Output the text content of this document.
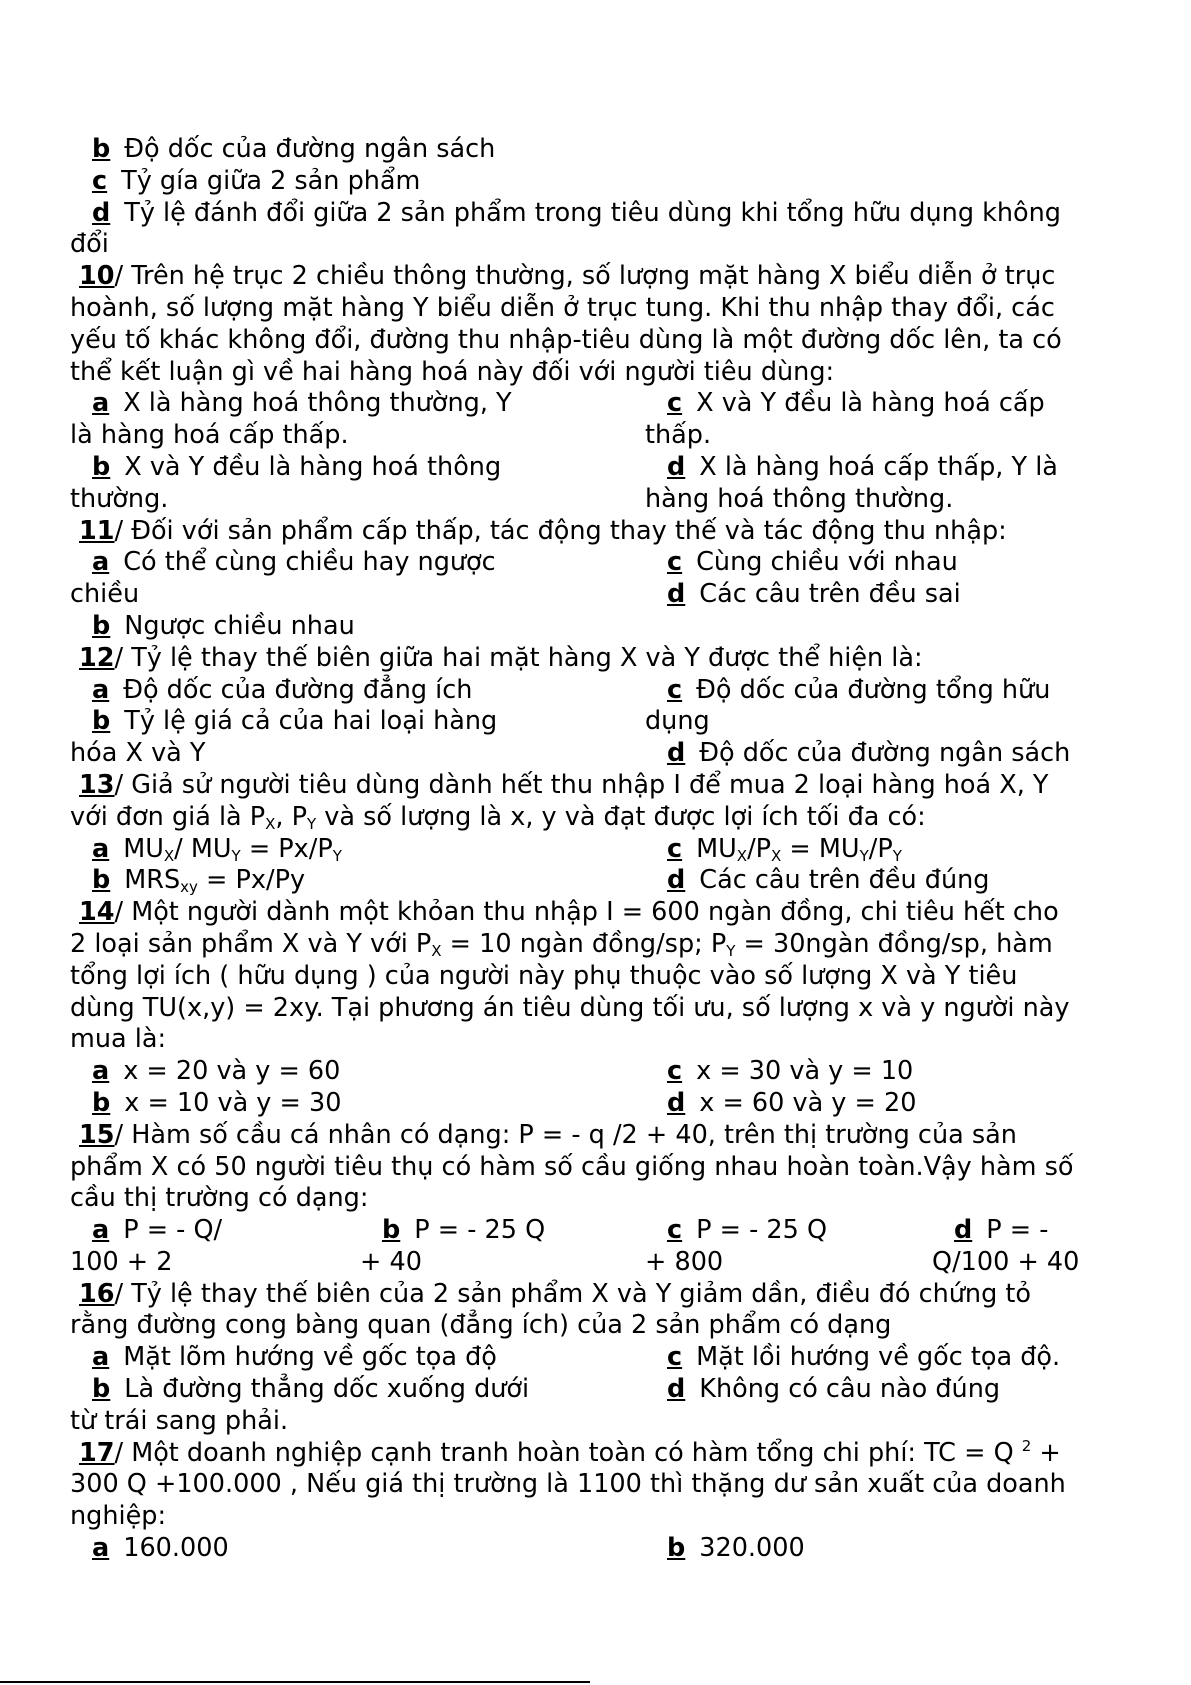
b Độ dốc của đường ngân sách
c Tỷ gía giữa 2 sản phẩm
d Tỷ lệ đánh đổi giữa 2 sản phẩm trong tiêu dùng khi tổng hữu dụng không
đổi
10/ Trên hệ trục 2 chiều thông thường, số lượng mặt hàng X biểu diễn ở trục
hoành, số lượng mặt hàng Y biểu diễn ở trục tung. Khi thu nhập thay đổi, các
yếu tố khác không đổi, đường thu nhập-tiêu dùng là một đường dốc lên, ta có
thể kết luận gì về hai hàng hoá này đối với người tiêu dùng:
a X là hàng hoá thông thường, Y	c X và Y đều là hàng hoá cấp
là hàng hoá cấp thấp.	thấp.
b X và Y đều là hàng hoá thông	d X là hàng hoá cấp thấp, Y là
thường.	hàng hoá thông thường.
11/ Đối với sản phẩm cấp thấp, tác động thay thế và tác động thu nhập:
a Có thể cùng chiều hay ngược	c Cùng chiều với nhau
chiều	d Các câu trên đều sai
b Ngược chiều nhau
12/ Tỷ lệ thay thế biên giữa hai mặt hàng X và Y được thể hiện là:
a Độ dốc của đường đẳng ích	c Độ dốc của đường tổng hữu
b Tỷ lệ giá cả của hai loại hàng	dụng
hóa X và Y	d Độ dốc của đường ngân sách
13/ Giả sử người tiêu dùng dành hết thu nhập I để mua 2 loại hàng hoá X, Y
với đơn giá là $P_X$, $P_Y$ và số lượng là x, y và đạt được lợi ích tối đa có:
a $MU_X/$ $MU_Y = Px/P_Y$	c $MU_X/P_X = MU_Y/P_Y$
b $MRS_{xy} = Px/Py$	d Các câu trên đều đúng
14/ Một người dành một khỏan thu nhập I = 600 ngàn đồng, chi tiêu hết cho
2 loại sản phẩm X và Y với $P_X = 10$ ngàn đồng/sp; $P_Y$ = 30ngàn đồng/sp, hàm
tổng lợi ích ( hữu dụng ) của người này phụ thuộc vào số lượng X và Y tiêu
dùng TU(x,y) = 2xy. Tại phương án tiêu dùng tối ưu, số lượng x và y người này
mua là:
a x = 20 và y = 60	c x = 30 và y = 10
b x = 10 và y = 30	d x = 60 và y = 20
15/ Hàm số cầu cá nhân có dạng: P = - q /2 + 40, trên thị trường của sản
phẩm X có 50 người tiêu thụ có hàm số cầu giống nhau hoàn toàn.Vậy hàm số
cầu thị trường có dạng:
a P = - Q/	b P = - 25 Q	c P = - 25 Q	d P = -
100 + 2	+ 40	+ 800	Q/100 + 40
16/ Tỷ lệ thay thế biên của 2 sản phẩm X và Y giảm dần, điều đó chứng tỏ
rằng đường cong bàng quan (đẳng ích) của 2 sản phẩm có dạng
a Mặt lõm hướng về gốc tọa độ	c Mặt lồi hướng về gốc tọa độ.
b Là đường thẳng dốc xuống dưới	d Không có câu nào đúng
từ trái sang phải.
17/ Một doanh nghiệp cạnh tranh hoàn toàn có hàm tổng chi phí: TC = Q $^2$ +
300 Q +100.000 , Nếu giá thị trường là 1100 thì thặng dư sản xuất của doanh
nghiệp:
a 160.000	b 320.000
